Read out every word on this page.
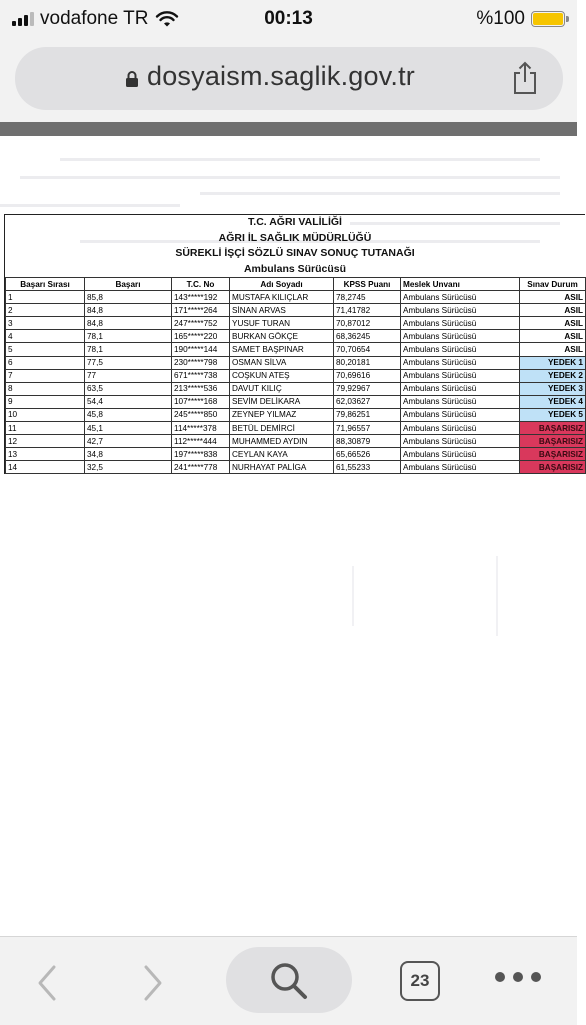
vodafone TR	00:13	%100
dosyaism.saglik.gov.tr
T.C. AĞRI VALİLİĞİ
AĞRI İL SAĞLIK MÜDÜRLÜĞÜ
SÜREKLİ İŞÇİ SÖZLÜ SINAV SONUÇ TUTANAĞI
Ambulans Sürücüsü
Başarı Sırası	Başarı	T.C. No	Adı Soyadı	KPSS Puanı	Meslek Unvanı	Sınav Durum
1	85,8	143*****192	MUSTAFA KILIÇLAR	78,2745	Ambulans Sürücüsü	ASIL
2	84,8	171*****264	SİNAN ARVAS	71,41782	Ambulans Sürücüsü	ASIL
3	84,8	247*****752	YUSUF TURAN	70,87012	Ambulans Sürücüsü	ASIL
4	78,1	165*****220	BURKAN GÖKÇE	68,36245	Ambulans Sürücüsü	ASIL
5	78,1	190*****144	SAMET BAŞPINAR	70,70654	Ambulans Sürücüsü	ASIL
6	77,5	230*****798	OSMAN SİLVA	80,20181	Ambulans Sürücüsü	YEDEK 1
7	77	671*****738	COŞKUN ATEŞ	70,69616	Ambulans Sürücüsü	YEDEK 2
8	63,5	213*****536	DAVUT KILIÇ	79,92967	Ambulans Sürücüsü	YEDEK 3
9	54,4	107*****168	SEVİM DELİKARA	62,03627	Ambulans Sürücüsü	YEDEK 4
10	45,8	245*****850	ZEYNEP YILMAZ	79,86251	Ambulans Sürücüsü	YEDEK 5
11	45,1	114*****378	BETÜL DEMİRCİ	71,96557	Ambulans Sürücüsü	BAŞARISIZ
12	42,7	112*****444	MUHAMMED AYDIN	88,30879	Ambulans Sürücüsü	BAŞARISIZ
13	34,8	197*****838	CEYLAN KAYA	65,66526	Ambulans Sürücüsü	BAŞARISIZ
14	32,5	241*****778	NURHAYAT PALİGA	61,55233	Ambulans Sürücüsü	BAŞARISIZ
23
